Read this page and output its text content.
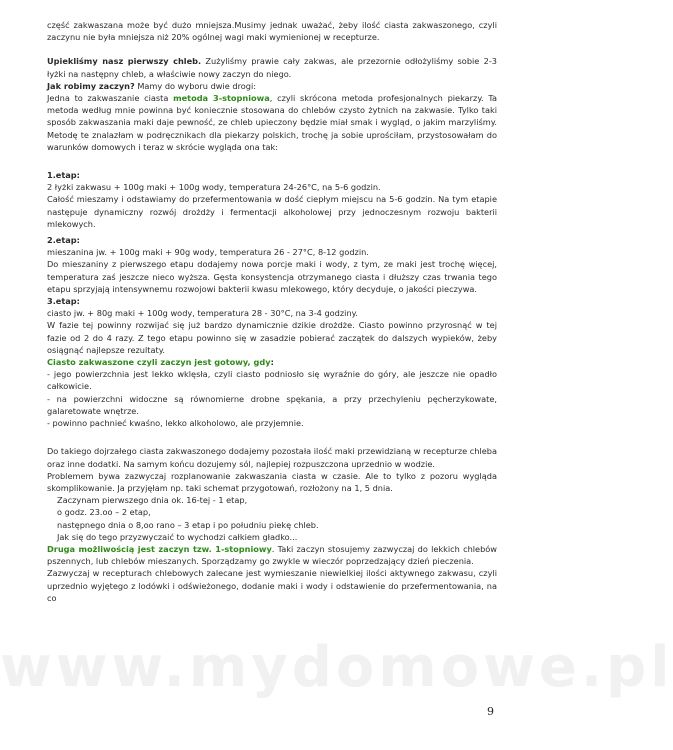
www.mydomowe.pl

część zakwaszana może być dużo mniejsza.Musimy jednak uważać, żeby ilość ciasta zakwaszonego, czyli zaczynu nie była mniejsza niż 20% ogólnej wagi maki wymienionej w recepturze.

Upiekliśmy nasz pierwszy chleb. Zużyliśmy prawie cały zakwas, ale przezornie odłożyliśmy sobie 2-3 łyżki na następny chleb, a właściwie nowy zaczyn do niego.

Jak robimy zaczyn? Mamy do wyboru dwie drogi:

Jedna to zakwaszanie ciasta metoda 3-stopniowa, czyli skrócona metoda profesjonalnych piekarzy. Ta metoda według mnie powinna być koniecznie stosowana do chlebów czysto żytnich na zakwasie. Tylko taki sposób zakwaszania maki daje pewność, ze chleb upieczony będzie miał smak i wygląd, o jakim marzyliśmy. Metodę te znalazłam w podręcznikach dla piekarzy polskich, trochę ja sobie uprościłam, przystosowałam do warunków domowych i teraz w skrócie wygląda ona tak:

1.etap:

2 łyżki zakwasu + 100g maki + 100g wody, temperatura 24-26°C, na 5-6 godzin.

Całość mieszamy i odstawiamy do przefermentowania w dość ciepłym miejscu na 5-6 godzin. Na tym etapie następuje dynamiczny rozwój drożdży i fermentacji alkoholowej przy jednoczesnym rozwoju bakterii mlekowych.

2.etap:

mieszanina jw. + 100g maki + 90g wody, temperatura 26 - 27°C, 8-12 godzin.

Do mieszaniny z pierwszego etapu dodajemy nowa porcje maki i wody, z tym, ze maki jest trochę więcej, temperatura zaś jeszcze nieco wyższa. Gęsta konsystencja otrzymanego ciasta i dłuższy czas trwania tego etapu sprzyjają intensywnemu rozwojowi bakterii kwasu mlekowego, który decyduje, o jakości pieczywa.

3.etap:

ciasto jw. + 80g maki + 100g wody, temperatura 28 - 30°C, na 3-4 godziny.

W fazie tej powinny rozwijać się już bardzo dynamicznie dzikie drożdże. Ciasto powinno przyrosnąć w tej fazie od 2 do 4 razy. Z tego etapu powinno się w zasadzie pobierać zaczątek do dalszych wypieków, żeby osiągnąć najlepsze rezultaty.

Ciasto zakwaszone czyli zaczyn jest gotowy, gdy:

- jego powierzchnia jest lekko wklęsła, czyli ciasto podniosło się wyraźnie do góry, ale jeszcze nie opadło całkowicie.

- na powierzchni widoczne są równomierne drobne spękania, a przy przechyleniu pęcherzykowate, galaretowate wnętrze.

- powinno pachnieć kwaśno, lekko alkoholowo, ale przyjemnie.

Do takiego dojrzałego ciasta zakwaszonego dodajemy pozostała ilość maki przewidzianą w recepturze chleba oraz inne dodatki. Na samym końcu dozujemy sól, najlepiej rozpuszczona uprzednio w wodzie.

Problemem bywa zazwyczaj rozplanowanie zakwaszania ciasta w czasie. Ale to tylko z pozoru wygląda skomplikowanie. Ja przyjęłam np. taki schemat przygotowań, rozłożony na 1, 5 dnia.

Zaczynam pierwszego dnia ok. 16-tej - 1 etap,

o godz. 23.oo – 2 etap,

następnego dnia o 8,oo rano – 3 etap i po południu piekę chleb.

Jak się do tego przyzwyczaić to wychodzi całkiem gładko...

Druga możliwością jest zaczyn tzw. 1-stopniowy. Taki zaczyn stosujemy zazwyczaj do lekkich chlebów pszennych, lub chlebów mieszanych. Sporządzamy go zwykle w wieczór poprzedzający dzień pieczenia.

Zazwyczaj w recepturach chlebowych zalecane jest wymieszanie niewielkiej ilości aktywnego zakwasu, czyli uprzednio wyjętego z lodówki i odświeżonego, dodanie maki i wody i odstawienie do przefermentowania, na co

9
